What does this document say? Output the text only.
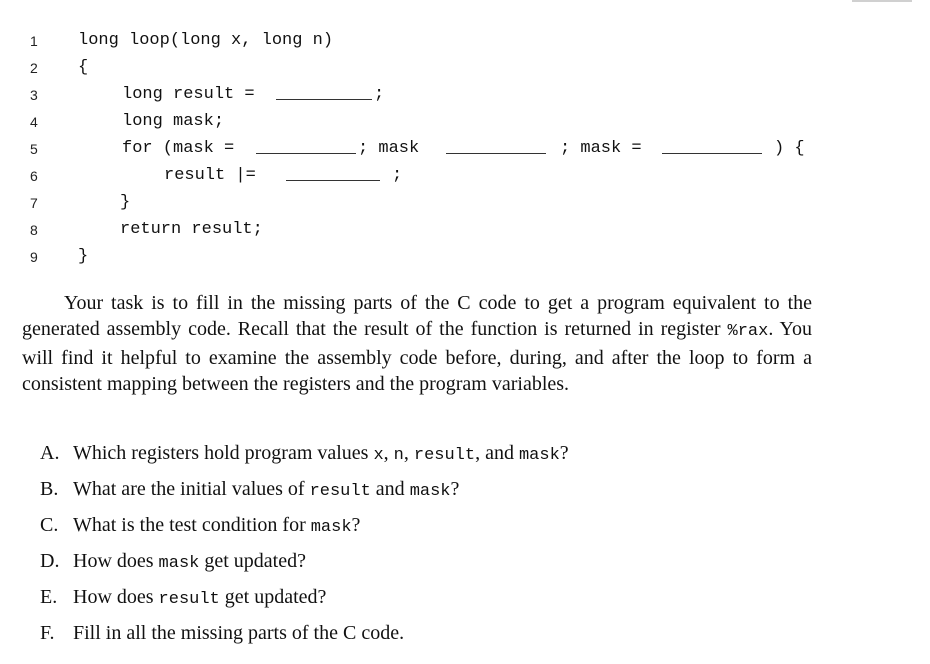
1	long loop(long x, long n)
2	{
3	long result =	;
4	long mask;
5	for (mask =	; mask	; mask =	) {
6	result |=	;
7	}
8	return result;
9	}

Your task is to fill in the missing parts of the C code to get a program equivalent to the generated assembly code. Recall that the result of the function is returned in register %rax. You will find it helpful to examine the assembly code before, during, and after the loop to form a consistent mapping between the registers and the program variables.

A. Which registers hold program values x, n, result, and mask?
B. What are the initial values of result and mask?
C. What is the test condition for mask?
D. How does mask get updated?
E. How does result get updated?
F. Fill in all the missing parts of the C code.
